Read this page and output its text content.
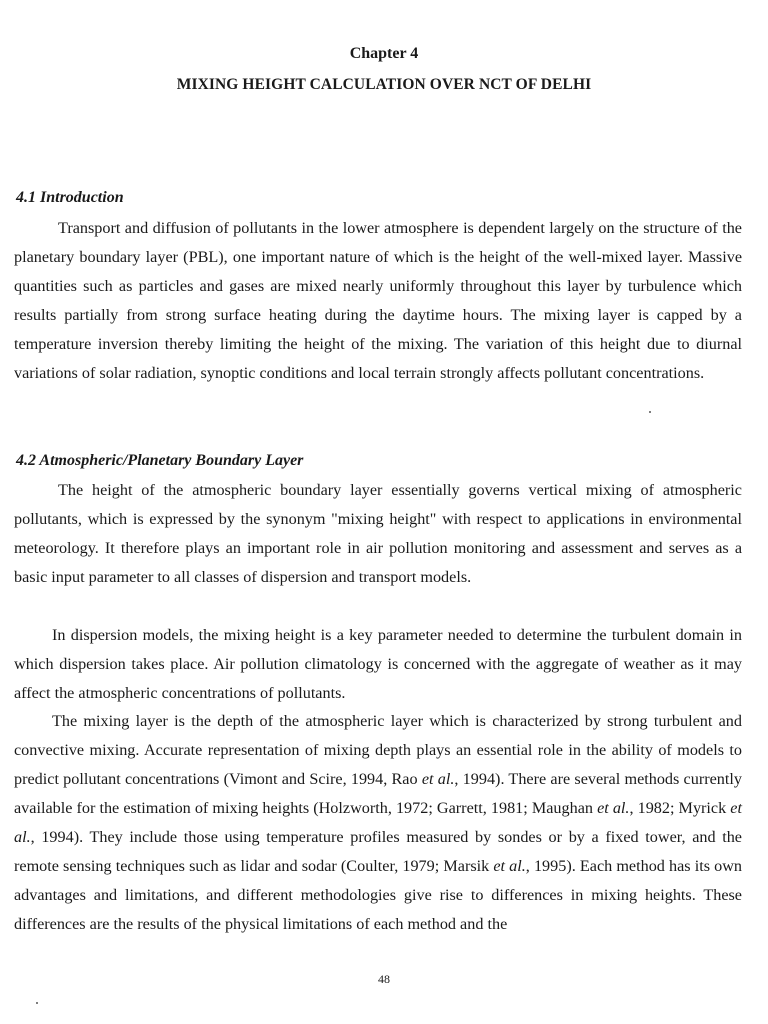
Chapter 4
MIXING HEIGHT CALCULATION OVER NCT OF DELHI
4.1 Introduction

Transport and diffusion of pollutants in the lower atmosphere is dependent largely on the structure of the planetary boundary layer (PBL), one important nature of which is the height of the well-mixed layer. Massive quantities such as particles and gases are mixed nearly uniformly throughout this layer by turbulence which results partially from strong surface heating during the daytime hours. The mixing layer is capped by a temperature inversion thereby limiting the height of the mixing. The variation of this height due to diurnal variations of solar radiation, synoptic conditions and local terrain strongly affects pollutant concentrations.

4.2 Atmospheric/Planetary Boundary Layer

The height of the atmospheric boundary layer essentially governs vertical mixing of atmospheric pollutants, which is expressed by the synonym "mixing height" with respect to applications in environmental meteorology. It therefore plays an important role in air pollution monitoring and assessment and serves as a basic input parameter to all classes of dispersion and transport models.

In dispersion models, the mixing height is a key parameter needed to determine the turbulent domain in which dispersion takes place. Air pollution climatology is concerned with the aggregate of weather as it may affect the atmospheric concentrations of pollutants.

The mixing layer is the depth of the atmospheric layer which is characterized by strong turbulent and convective mixing. Accurate representation of mixing depth plays an essential role in the ability of models to predict pollutant concentrations (Vimont and Scire, 1994, Rao et al., 1994). There are several methods currently available for the estimation of mixing heights (Holzworth, 1972; Garrett, 1981; Maughan et al., 1982; Myrick et al., 1994). They include those using temperature profiles measured by sondes or by a fixed tower, and the remote sensing techniques such as lidar and sodar (Coulter, 1979; Marsik et al., 1995). Each method has its own advantages and limitations, and different methodologies give rise to differences in mixing heights. These differences are the results of the physical limitations of each method and the

48
